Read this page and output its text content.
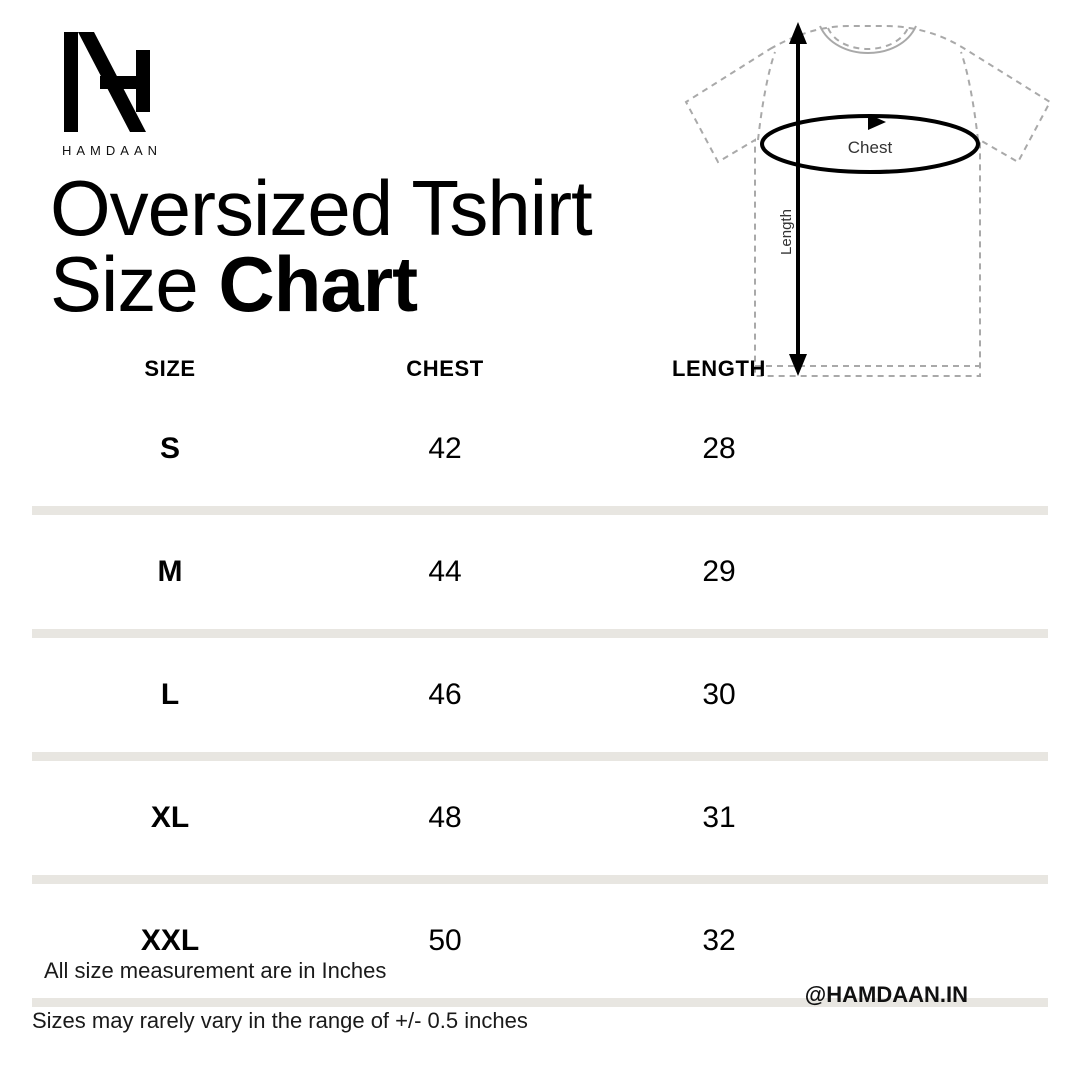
HAMDAAN
Oversized Tshirt
Size Chart
Chest
Length
SIZE	CHEST	LENGTH
S	42	28
M	44	29
L	46	30
XL	48	31
XXL	50	32
All size measurement are in Inches
Sizes may rarely vary in the range of +/- 0.5 inches
@HAMDAAN.IN
